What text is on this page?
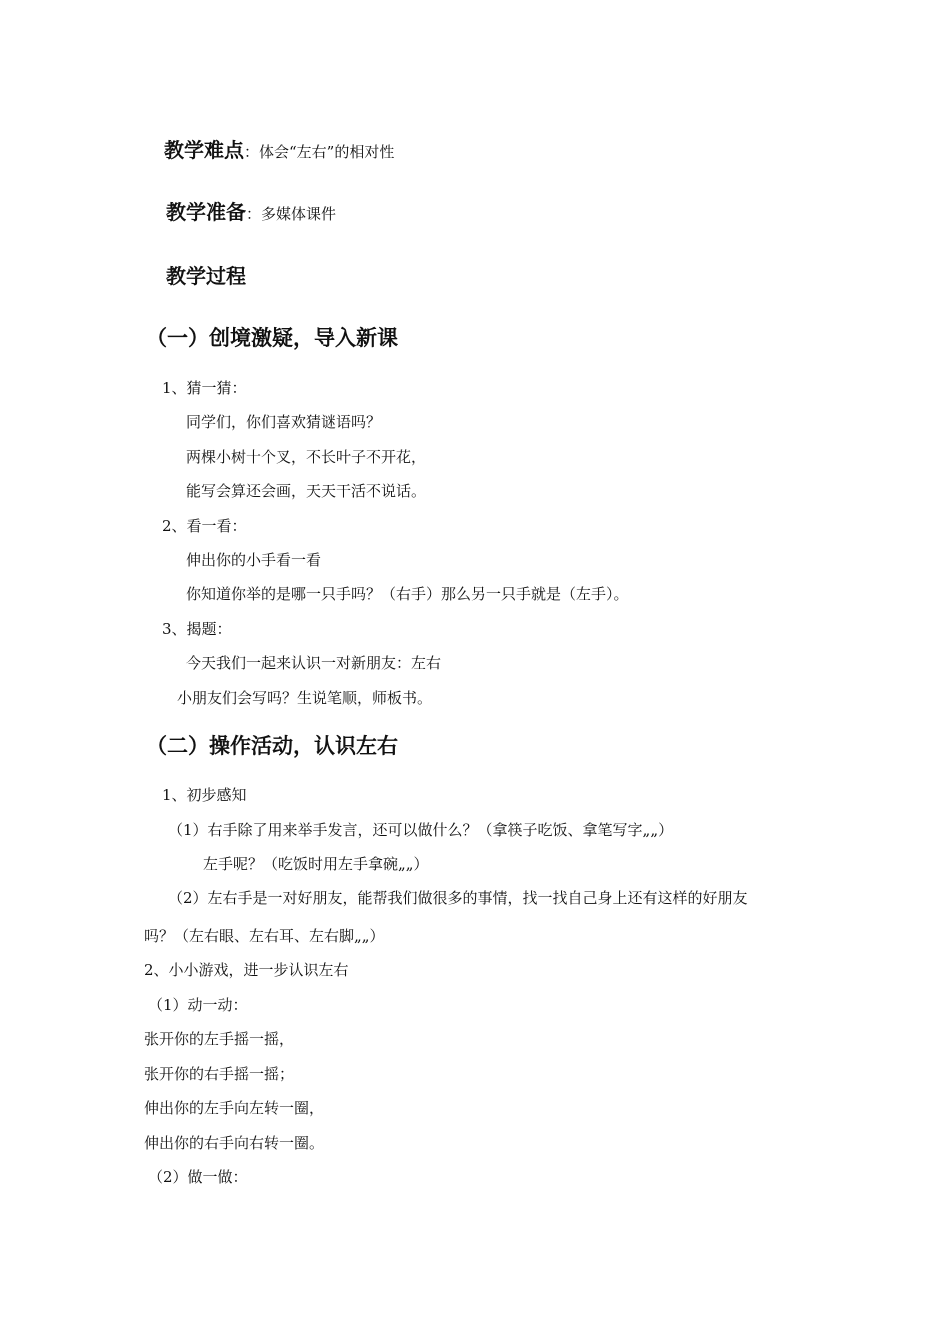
教学难点：体会“左右”的相对性
教学准备：多媒体课件
教学过程
（一）创境激疑，导入新课
1、猜一猜：
同学们，你们喜欢猜谜语吗？
两棵小树十个叉，不长叶子不开花，
能写会算还会画，天天干活不说话。
2、看一看：
伸出你的小手看一看
你知道你举的是哪一只手吗？（右手）那么另一只手就是（左手）。
3、揭题：
今天我们一起来认识一对新朋友：左右
小朋友们会写吗？生说笔顺，师板书。
（二）操作活动，认识左右
1、初步感知
（1）右手除了用来举手发言，还可以做什么？（拿筷子吃饭、拿笔写字„„）
左手呢？（吃饭时用左手拿碗„„）
（2）左右手是一对好朋友，能帮我们做很多的事情，找一找自己身上还有这样的好朋友
吗？（左右眼、左右耳、左右脚„„）
2、小小游戏，进一步认识左右
（1）动一动：
张开你的左手摇一摇，
张开你的右手摇一摇；
伸出你的左手向左转一圈，
伸出你的右手向右转一圈。
（2）做一做：
